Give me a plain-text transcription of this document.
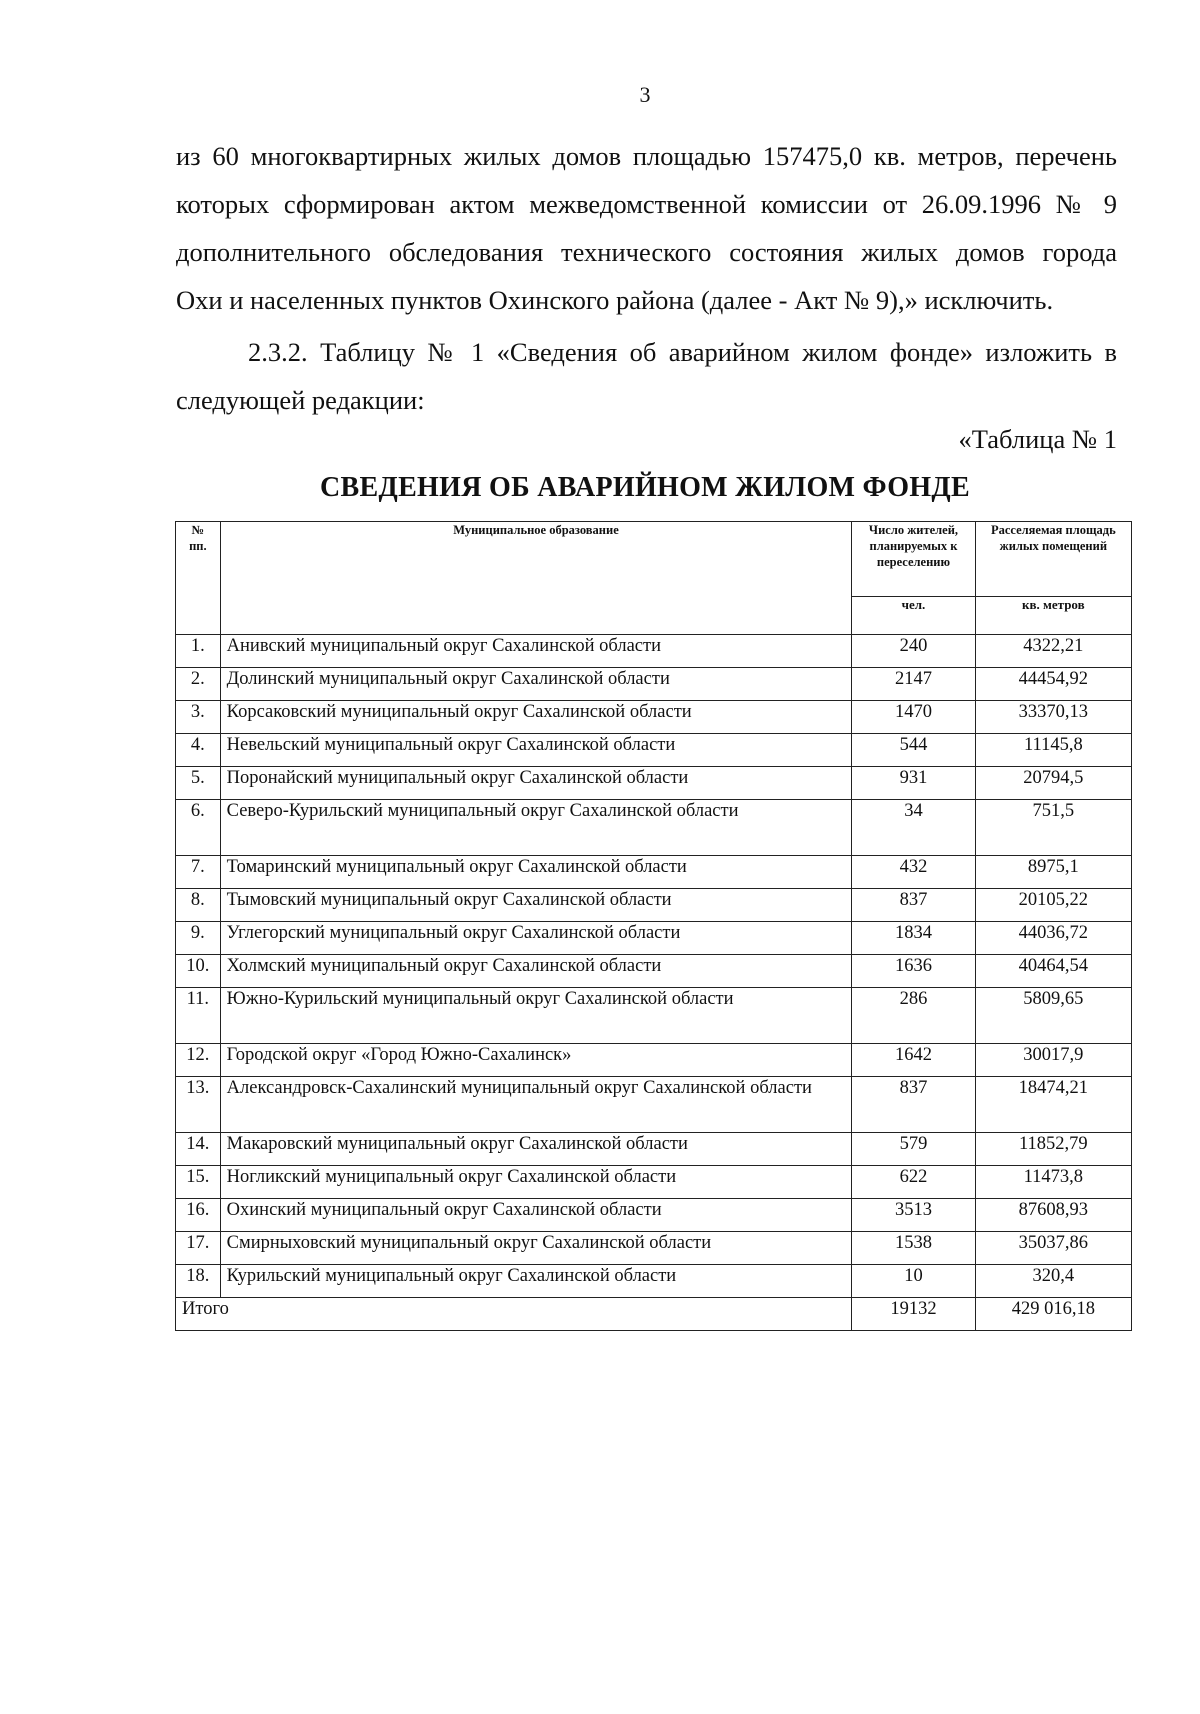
3
из 60 многоквартирных жилых домов площадью 157475,0 кв. метров, перечень
которых сформирован актом межведомственной комиссии от 26.09.1996 № 9
дополнительного обследования технического состояния жилых домов города
Охи и населенных пунктов Охинского района (далее - Акт № 9),» исключить.
2.3.2. Таблицу № 1 «Сведения об аварийном жилом фонде» изложить в
следующей редакции:
«Таблица № 1
СВЕДЕНИЯ ОБ АВАРИЙНОМ ЖИЛОМ ФОНДЕ
№ пп.	Муниципальное образование	Число жителей, планируемых к переселению	Расселяемая площадь жилых помещений
		чел.	кв. метров
1.	Анивский муниципальный округ Сахалинской области	240	4322,21
2.	Долинский муниципальный округ Сахалинской области	2147	44454,92
3.	Корсаковский муниципальный округ Сахалинской области	1470	33370,13
4.	Невельский муниципальный округ Сахалинской области	544	11145,8
5.	Поронайский муниципальный округ Сахалинской области	931	20794,5
6.	Северо-Курильский муниципальный округ Сахалинской области	34	751,5
7.	Томаринский муниципальный округ Сахалинской области	432	8975,1
8.	Тымовский муниципальный округ Сахалинской области	837	20105,22
9.	Углегорский муниципальный округ Сахалинской области	1834	44036,72
10.	Холмский муниципальный округ Сахалинской области	1636	40464,54
11.	Южно-Курильский муниципальный округ Сахалинской области	286	5809,65
12.	Городской округ «Город Южно-Сахалинск»	1642	30017,9
13.	Александровск-Сахалинский муниципальный округ Сахалинской области	837	18474,21
14.	Макаровский муниципальный округ Сахалинской области	579	11852,79
15.	Ногликский муниципальный округ Сахалинской области	622	11473,8
16.	Охинский муниципальный округ Сахалинской области	3513	87608,93
17.	Смирныховский муниципальный округ Сахалинской области	1538	35037,86
18.	Курильский муниципальный округ Сахалинской области	10	320,4
Итого		19132	429 016,18
